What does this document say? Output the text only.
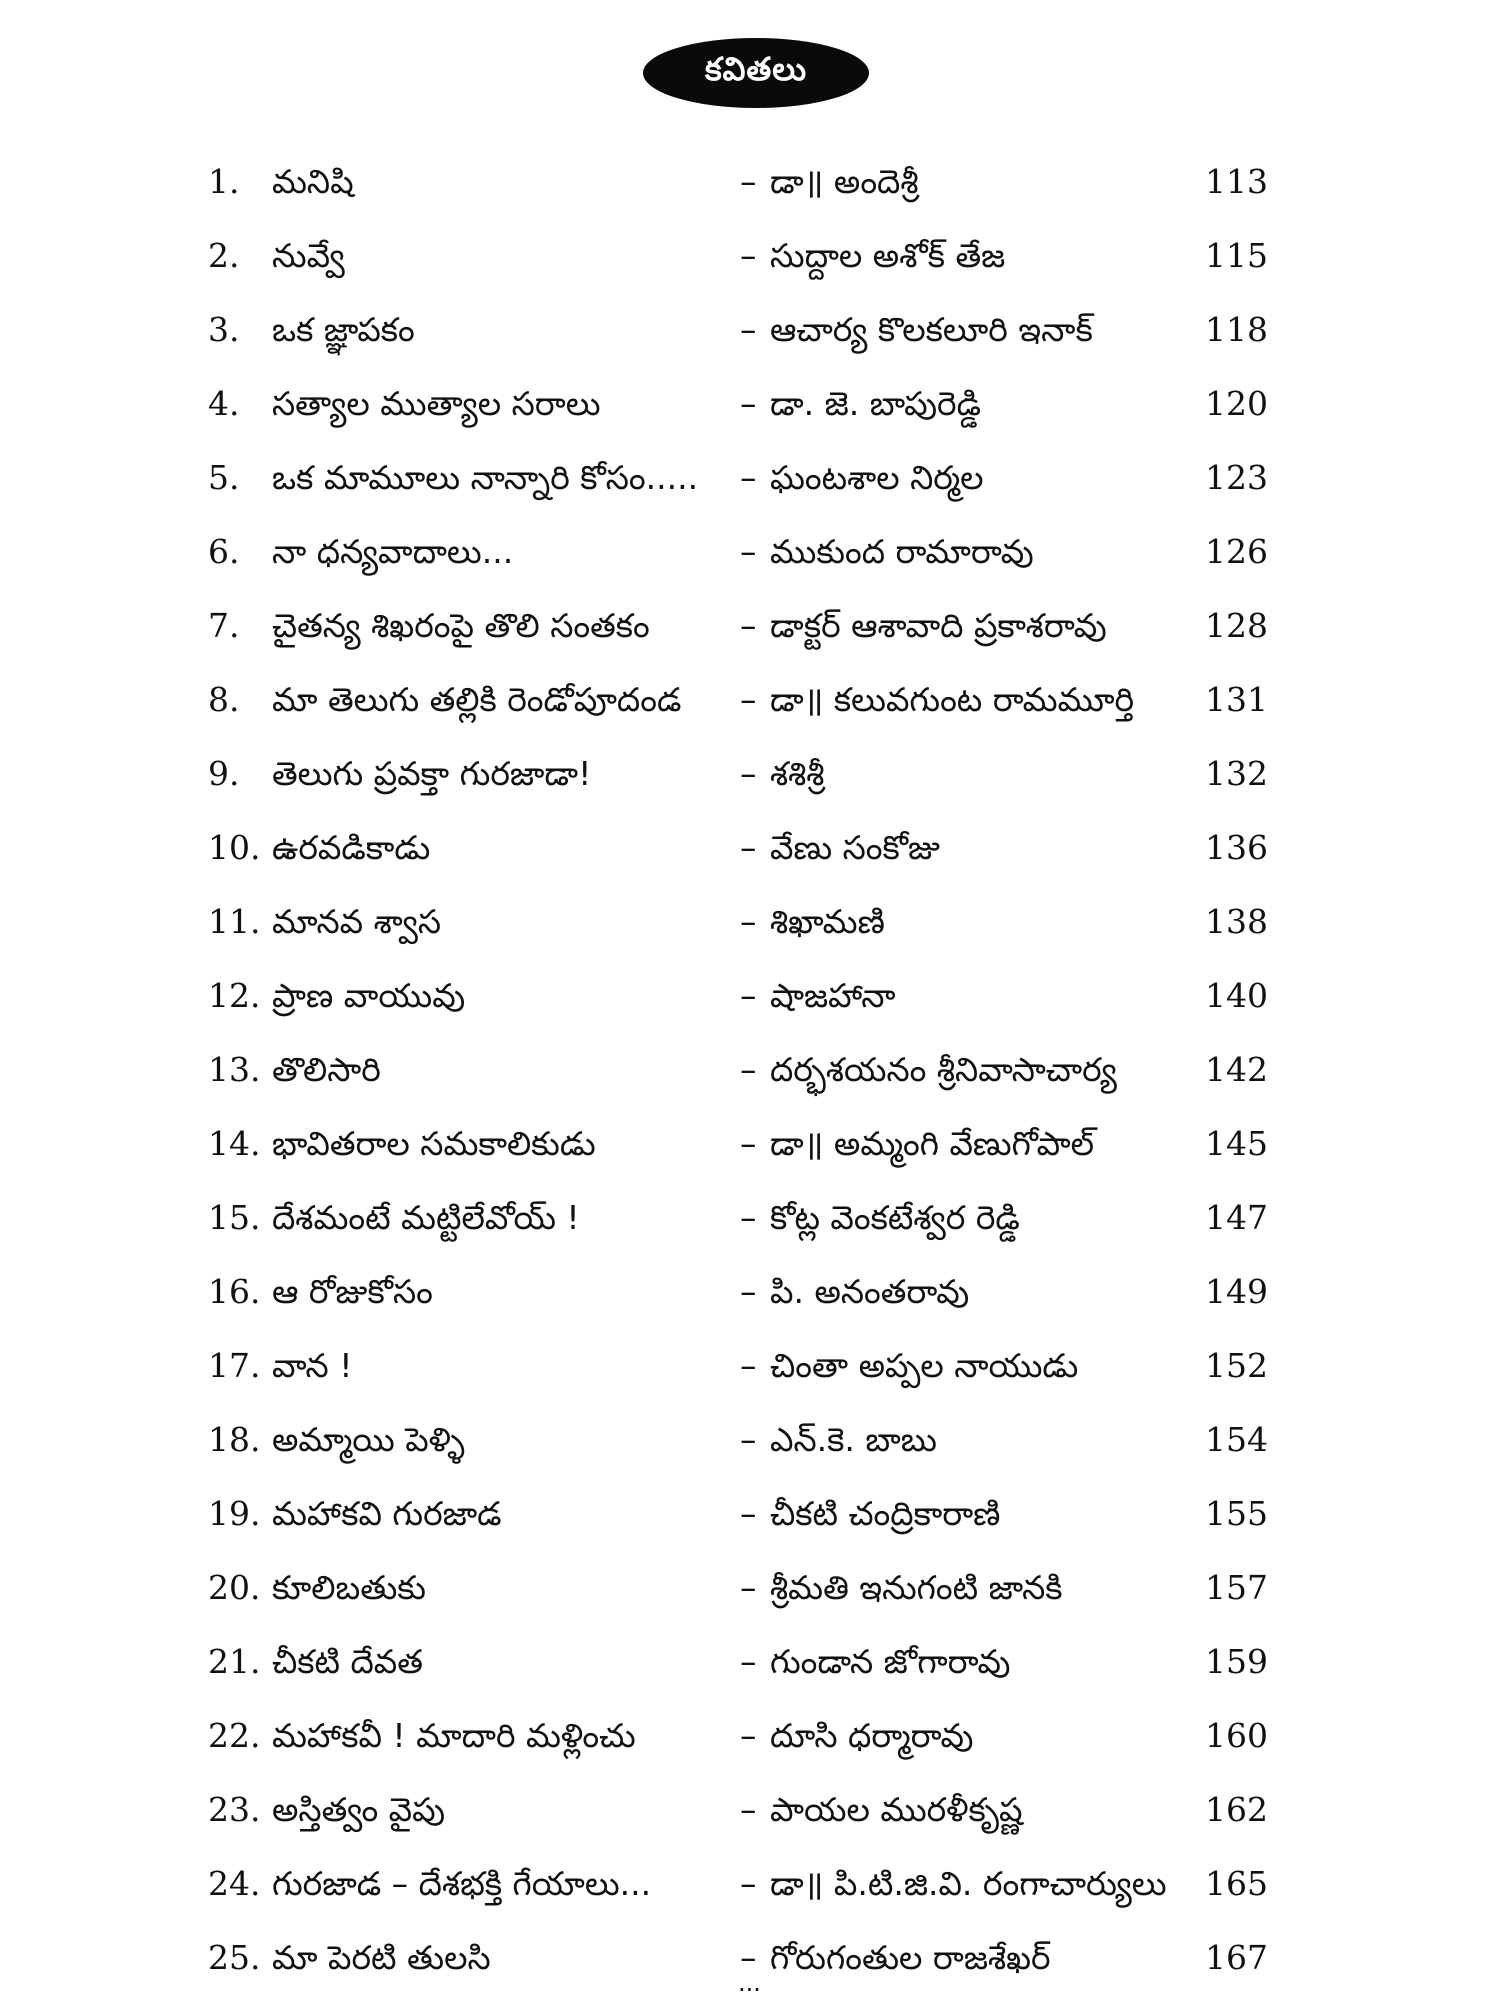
కవితలు
1. మనిషి	– డా॥ అందెశ్రీ	113
2. నువ్వే	– సుద్దాల అశోక్ తేజ	115
3. ఒక జ్ఞాపకం	– ఆచార్య కొలకలూరి ఇనాక్	118
4. సత్యాల ముత్యాల సరాలు	– డా. జె. బాపురెడ్డి	120
5. ఒక మామూలు నాన్నారి కోసం..... – ఘంటశాల నిర్మల	123
6. నా ధన్యవాదాలు...	– ముకుంద రామారావు	126
7. చైతన్య శిఖరంపై తొలి సంతకం	– డాక్టర్ ఆశావాది ప్రకాశరావు	128
8. మా తెలుగు తల్లికి రెండోపూదండ – డా॥ కలువగుంట రామమూర్తి 131
9. తెలుగు ప్రవక్తా గురజాడా!	– శశిశ్రీ	132
10. ఉరవడికాడు	– వేణు సంకోజు	136
11. మానవ శ్వాస	– శిఖామణి	138
12. ప్రాణ వాయువు	– షాజహానా	140
13. తొలిసారి	– దర్భశయనం శ్రీనివాసాచార్య	142
14. భావితరాల సమకాలికుడు	– డా॥ అమ్మంగి వేణుగోపాల్	145
15. దేశమంటే మట్టిలేవోయ్ !	– కోట్ల వెంకటేశ్వర రెడ్డి	147
16. ఆ రోజుకోసం	– పి. అనంతరావు	149
17. వాన !	– చింతా అప్పల నాయుడు	152
18. అమ్మాయి పెళ్ళి	– ఎన్.కె. బాబు	154
19. మహాకవి గురజాడ	– చీకటి చంద్రికారాణి	155
20. కూలిబతుకు	– శ్రీమతి ఇనుగంటి జానకి	157
21. చీకటి దేవత	– గుండాన జోగారావు	159
22. మహాకవీ ! మాదారి మళ్లించు	– దూసి ధర్మారావు	160
23. అస్తిత్వం వైపు	– పాయల మురళీకృష్ణ	162
24. గురజాడ – దేశభక్తి గేయాలు...	– డా॥ పి.టి.జి.వి. రంగాచార్యులు 165
25. మా పెరటి తులసి	– గోరుగంతుల రాజశేఖర్	167
...
